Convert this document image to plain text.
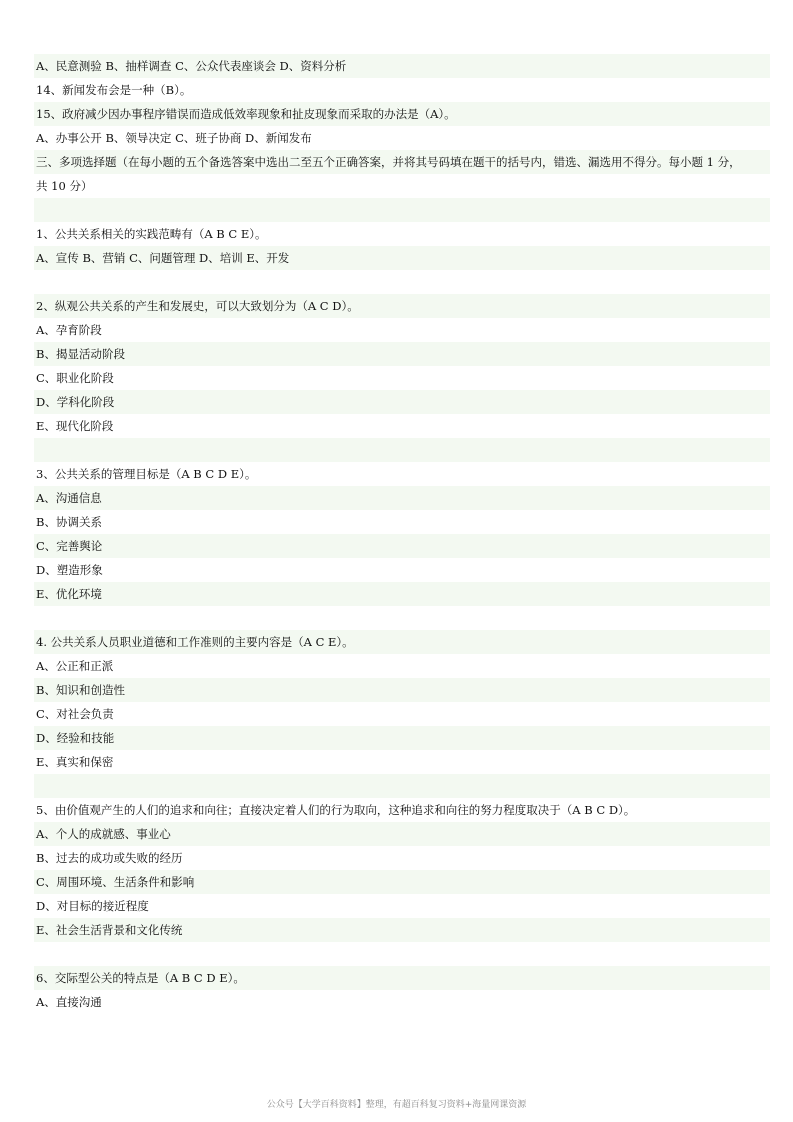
A、民意测验 B、抽样调查 C、公众代表座谈会 D、资料分析
14、新闻发布会是一种（B）。
15、政府减少因办事程序错误而造成低效率现象和扯皮现象而采取的办法是（A）。
A、办事公开 B、领导决定 C、班子协商 D、新闻发布
三、多项选择题（在每小题的五个备选答案中选出二至五个正确答案，并将其号码填在题干的括号内，错选、漏选用不得分。每小题 1 分，
共 10 分）
1、公共关系相关的实践范畴有（A B C E）。
A、宣传 B、营销 C、问题管理 D、培训 E、开发
2、纵观公共关系的产生和发展史，可以大致划分为（A C D）。
A、孕育阶段
B、揭显活动阶段
C、职业化阶段
D、学科化阶段
E、现代化阶段
3、公共关系的管理目标是（A B C D E）。
A、沟通信息
B、协调关系
C、完善舆论
D、塑造形象
E、优化环境
4. 公共关系人员职业道德和工作准则的主要内容是（A C E）。
A、公正和正派
B、知识和创造性
C、对社会负责
D、经验和技能
E、真实和保密
5、由价值观产生的人们的追求和向往；直接决定着人们的行为取向，这种追求和向往的努力程度取决于（A B C D）。
A、个人的成就感、事业心
B、过去的成功或失败的经历
C、周围环境、生活条件和影响
D、对目标的接近程度
E、社会生活背景和文化传统
6、交际型公关的特点是（A B C D E）。
A、直接沟通
公众号【大学百科资料】整理，有超百科复习资料+海量网课资源
